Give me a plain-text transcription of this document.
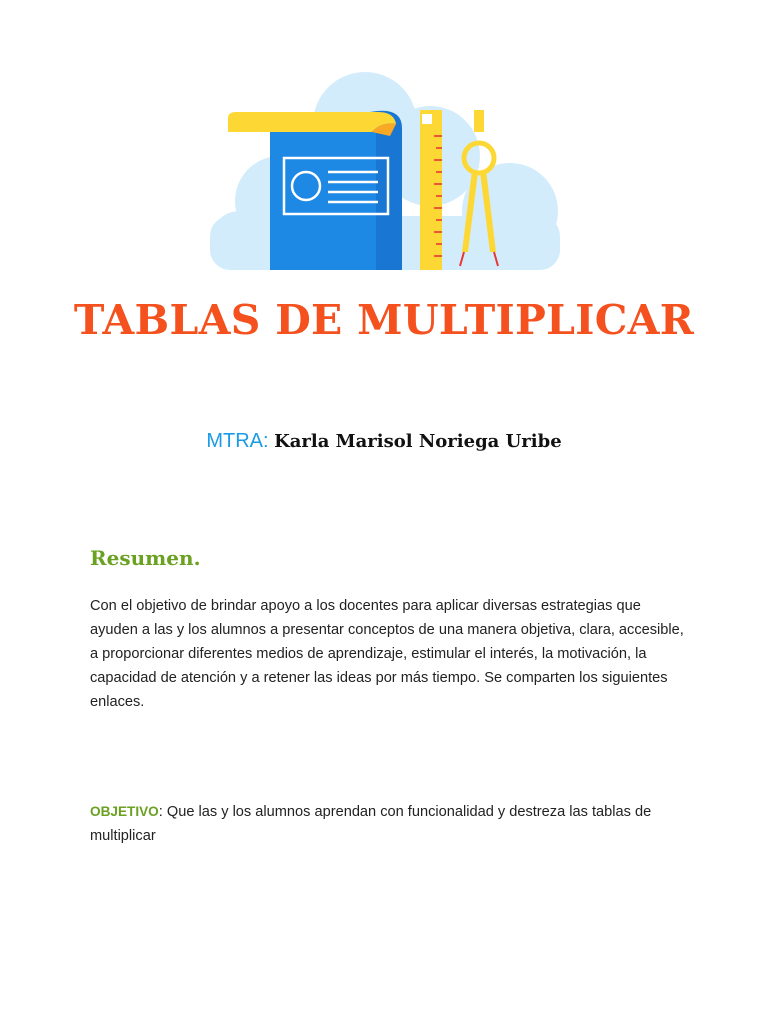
TABLAS DE MULTIPLICAR

MTRA: Karla Marisol Noriega Uribe

Resumen.

Con el objetivo de brindar apoyo a los docentes para aplicar diversas estrategias que ayuden a las y los alumnos a presentar conceptos de una manera objetiva, clara, accesible, a proporcionar diferentes medios de aprendizaje, estimular el interés, la motivación, la capacidad de atención y a retener las ideas por más tiempo. Se comparten los siguientes enlaces.

OBJETIVO: Que las y los alumnos aprendan con funcionalidad y destreza las tablas de multiplicar
